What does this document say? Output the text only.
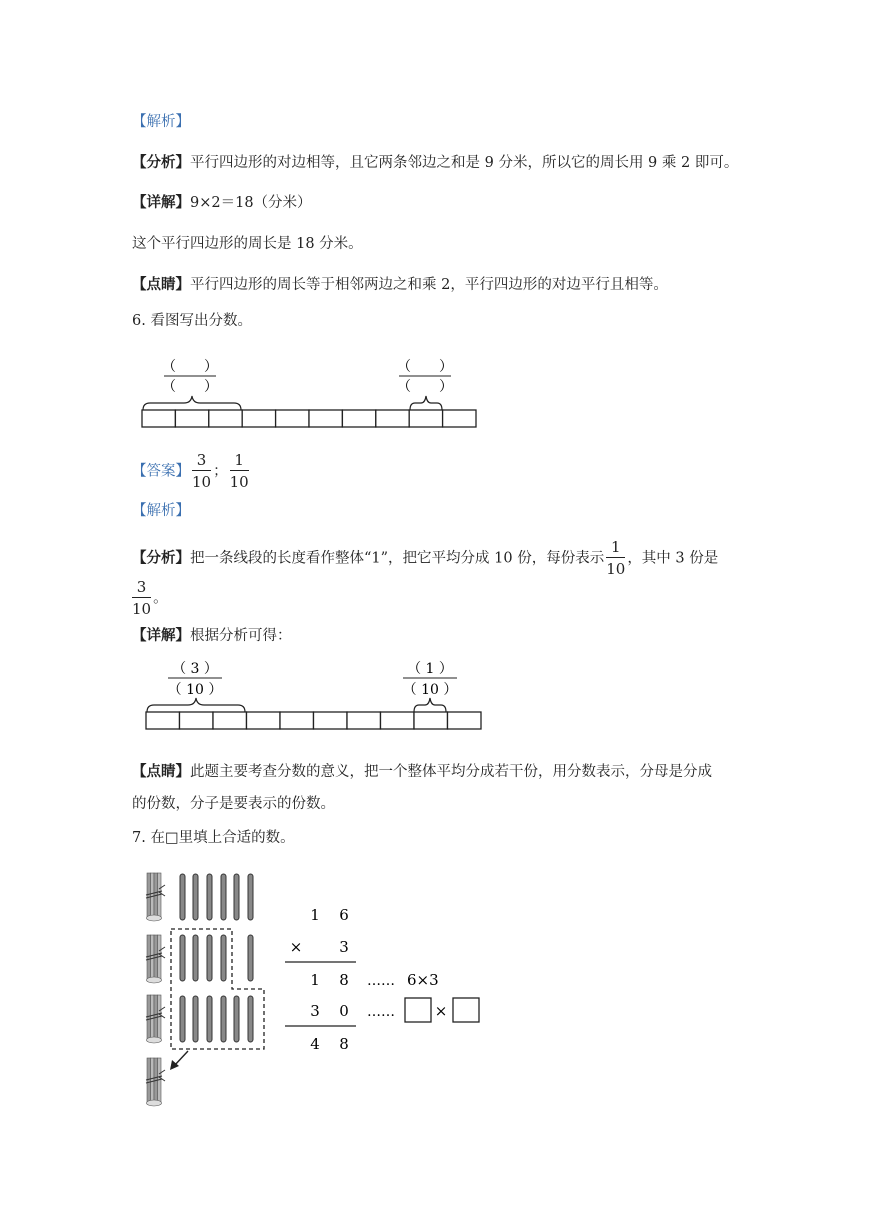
【解析】
【分析】平行四边形的对边相等，且它两条邻边之和是 9 分米，所以它的周长用 9 乘 2 即可。
【详解】9×2＝18（分米）
这个平行四边形的周长是 18 分米。
【点睛】平行四边形的周长等于相邻两边之和乘 2，平行四边形的对边平行且相等。
6. 看图写出分数。
（　　）
（　　）
（　　）
（　　）
【答案】 $\frac{3}{10}$ ； $\frac{1}{10}$
【解析】
【分析】把一条线段的长度看作整体“1”，把它平均分成 10 份，每份表示 $\frac{1}{10}$ ，其中 3 份是
$\frac{3}{10}$ 。
【详解】根据分析可得：
（ 3 ）
（ 10 ）
（ 1 ）
（ 10 ）
【点睛】此题主要考查分数的意义，把一个整体平均分成若干份，用分数表示，分母是分成
的份数，分子是要表示的份数。
7. 在□里填上合适的数。
1 6
× 3
1 8 …… 6×3
3 0 ……	×
4 8
